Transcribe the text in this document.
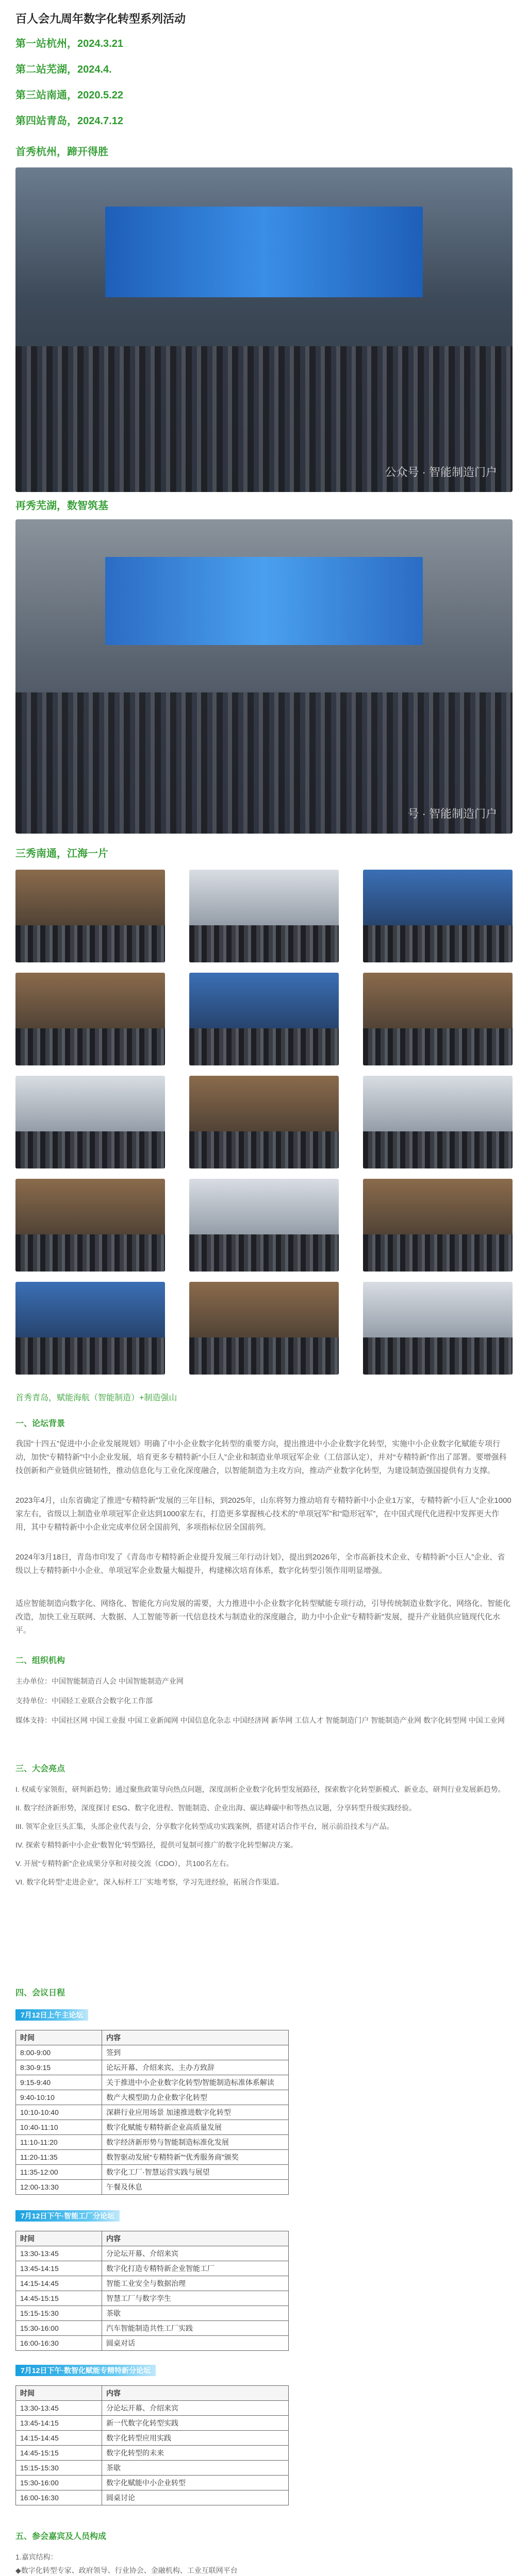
百人会九周年数字化转型系列活动
第一站杭州，2024.3.21
第二站芜湖，2024.4.
第三站南通，2020.5.22
第四站青岛，2024.7.12
首秀杭州，蹄开得胜
公众号 · 智能制造门户
再秀芜湖，数智筑基
号 · 智能制造门户
三秀南通，江海一片
首秀青岛，赋能海航（智能制造）+制造强山
一、论坛背景

我国“十四五”促进中小企业发展规划》明确了中小企业数字化转型的重要方向，提出推进中小企业数字化转型，实施中小企业数字化赋能专项行动，加快“专精特新”中小企业发展，培育更多专精特新“小巨人”企业和制造业单项冠军企业（工信部认定），并对“专精特新”作出了部署。要增强科技创新和产业链供应链韧性，推动信息化与工业化深度融合，以智能制造为主攻方向，推动产业数字化转型，为建设制造强国提供有力支撑。

2023年4月，山东省确定了推进“专精特新”发展的三年目标，到2025年，山东将努力推动培育专精特新中小企业1万家，专精特新“小巨人”企业1000家左右，省级以上制造业单项冠军企业达到1000家左右，打造更多掌握核心技术的“单项冠军”和“隐形冠军”，在中国式现代化进程中发挥更大作用，其中专精特新中小企业完成率位居全国前列，多项指标位居全国前列。

2024年3月18日，青岛市印发了《青岛市专精特新企业提升发展三年行动计划》，提出到2026年，全市高新技术企业、专精特新“小巨人”企业、省级以上专精特新中小企业、单项冠军企业数量大幅提升，构建梯次培育体系，数字化转型引领作用明显增强。

适应智能制造向数字化、网络化、智能化方向发展的需要，大力推进中小企业数字化转型赋能专项行动，引导传统制造业数字化、网络化、智能化改造，加快工业互联网、大数据、人工智能等新一代信息技术与制造业的深度融合，助力中小企业“专精特新”发展，提升产业链供应链现代化水平。

二、组织机构
主办单位：中国智能制造百人会 中国智能制造产业网
支持单位：中国轻工业联合会数字化工作部
媒体支持：中国社区网 中国工业报 中国工业新闻网 中国信息化杂志 中国经济网 新华网 工信人才 智能制造门户 智能制造产业网 数字化转型网 中国工业网
三、大会亮点
I. 权威专家领衔，研判新趋势；通过聚焦政策导向热点问题，深度剖析企业数字化转型发展路径，探索数字化转型新模式、新业态，研判行业发展新趋势。
II. 数字经济新形势，深度探讨 ESG、数字化进程、智能制造、企业出海、碳达峰碳中和等热点议题，分享转型升级实践经验。
III. 领军企业巨头汇集，头部企业代表与会，分享数字化转型成功实践案例，搭建对话合作平台，展示前沿技术与产品。
IV. 探索专精特新中小企业“数智化”转型路径，提供可复制可推广的数字化转型解决方案。
V. 开展“专精特新”企业成果分享和对接交流（CDO），共100名左右。
VI. 数字化转型“走进企业”，深入标杆工厂实地考察，学习先进经验，拓展合作渠道。
四、会议日程
7月12日上午主论坛
时间	内容
8:00-9:00	签到
8:30-9:15	论坛开幕、介绍来宾、主办方致辞
9:15-9:40	关于推进中小企业数字化转型/智能制造标准体系解读
9:40-10:10	数产大模型助力企业数字化转型
10:10-10:40	深耕行业应用场景 加速推进数字化转型
10:40-11:10	数字化赋能专精特新企业高质量发展
11:10-11:20	数字经济新形势与智能制造标准化发展
11:20-11:35	数智驱动发展“专精特新”“优秀服务商”颁奖
11:35-12:00	数字化工厂·智慧运营实践与展望
12:00-13:30	午餐及休息
7月12日下午·智能工厂分论坛
时间	内容
13:30-13:45	分论坛开幕、介绍来宾
13:45-14:15	数字化打造专精特新企业智能工厂
14:15-14:45	智能工业安全与数据治理
14:45-15:15	智慧工厂与数字孪生
15:15-15:30	茶歇
15:30-16:00	汽车智能制造共性工厂实践
16:00-16:30	圆桌对话
7月12日下午·数智化赋能专精特新分论坛
时间	内容
13:30-13:45	分论坛开幕、介绍来宾
13:45-14:15	新一代数字化转型实践
14:15-14:45	数字化转型应用实践
14:45-15:15	数字化转型的未来
15:15-15:30	茶歇
15:30-16:00	数字化赋能中小企业转型
16:00-16:30	圆桌讨论
五、参会嘉宾及人员构成
1.嘉宾结构：
◆数字化转型专家、政府领导、行业协会、金融机构、工业互联网平台
